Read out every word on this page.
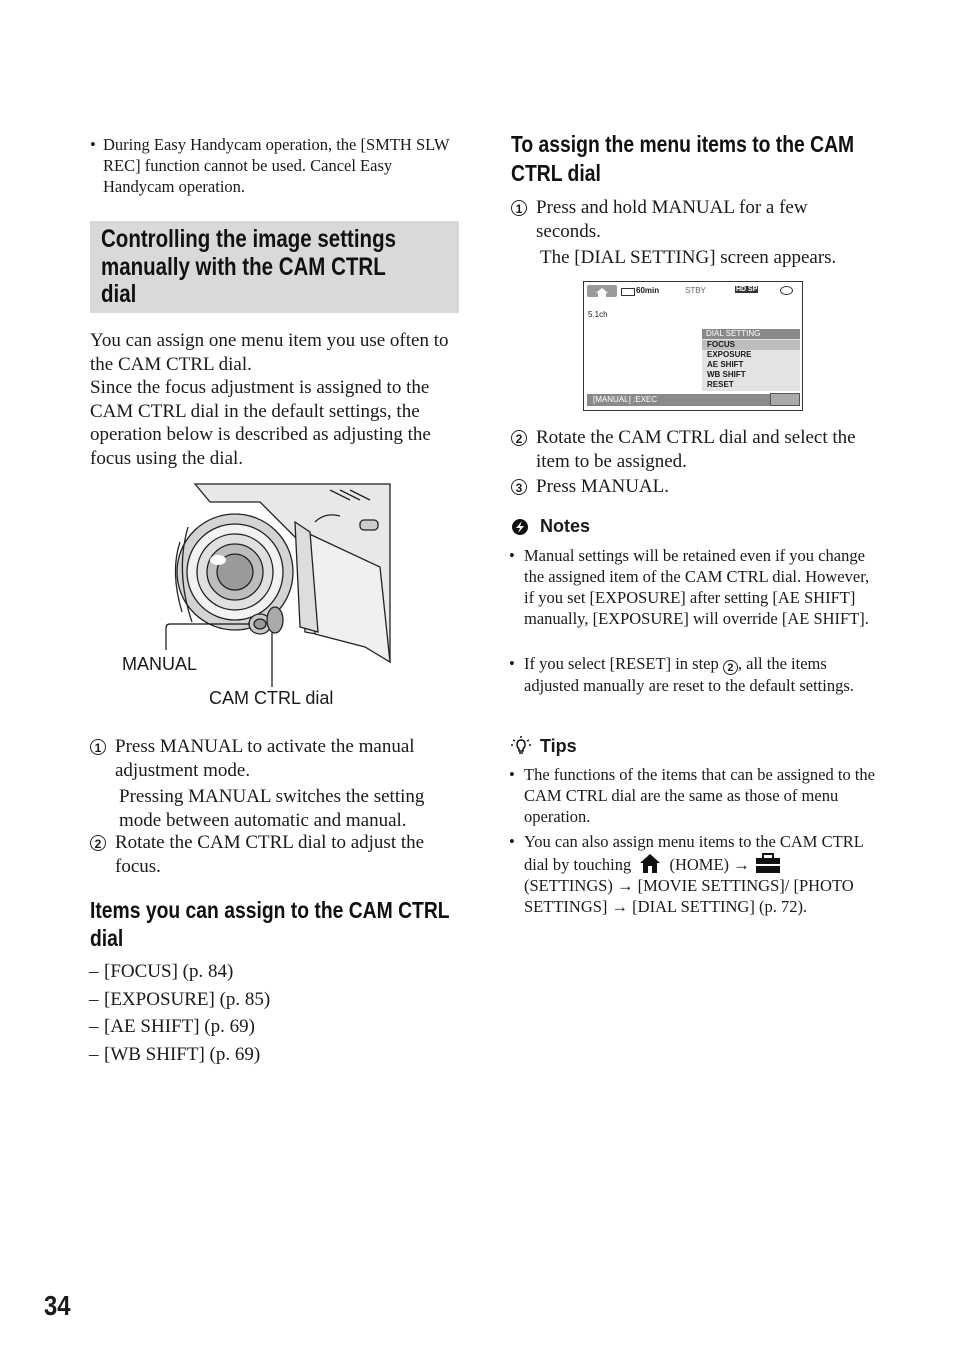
• During Easy Handycam operation, the [SMTH SLW REC] function cannot be used. Cancel Easy Handycam operation.
Controlling the image settings
manually with the CAM CTRL
dial
You can assign one menu item you use often to the CAM CTRL dial.
Since the focus adjustment is assigned to the CAM CTRL dial in the default settings, the operation below is described as adjusting the focus using the dial.
MANUAL
CAM CTRL dial
1 Press MANUAL to activate the manual adjustment mode.
Pressing MANUAL switches the setting mode between automatic and manual.
2 Rotate the CAM CTRL dial to adjust the focus.
Items you can assign to the CAM CTRL
dial
– [FOCUS] (p. 84)
– [EXPOSURE] (p. 85)
– [AE SHIFT] (p. 69)
– [WB SHIFT] (p. 69)
34
To assign the menu items to the CAM
CTRL dial
1 Press and hold MANUAL for a few seconds.
The [DIAL SETTING] screen appears.
60min	STBY	HD SP
5.1ch
DIAL SETTING
FOCUS
EXPOSURE
AE SHIFT
WB SHIFT
RESET
[MANUAL] :EXEC
2 Rotate the CAM CTRL dial and select the item to be assigned.
3 Press MANUAL.
Notes
• Manual settings will be retained even if you change the assigned item of the CAM CTRL dial. However, if you set [EXPOSURE] after setting [AE SHIFT] manually, [EXPOSURE] will override [AE SHIFT].
• If you select [RESET] in step 2 , all the items adjusted manually are reset to the default settings.
Tips
• The functions of the items that can be assigned to the CAM CTRL dial are the same as those of menu operation.
• You can also assign menu items to the CAM CTRL dial by touching (HOME) →
(SETTINGS) → [MOVIE SETTINGS]/ [PHOTO SETTINGS] → [DIAL SETTING] (p. 72).
